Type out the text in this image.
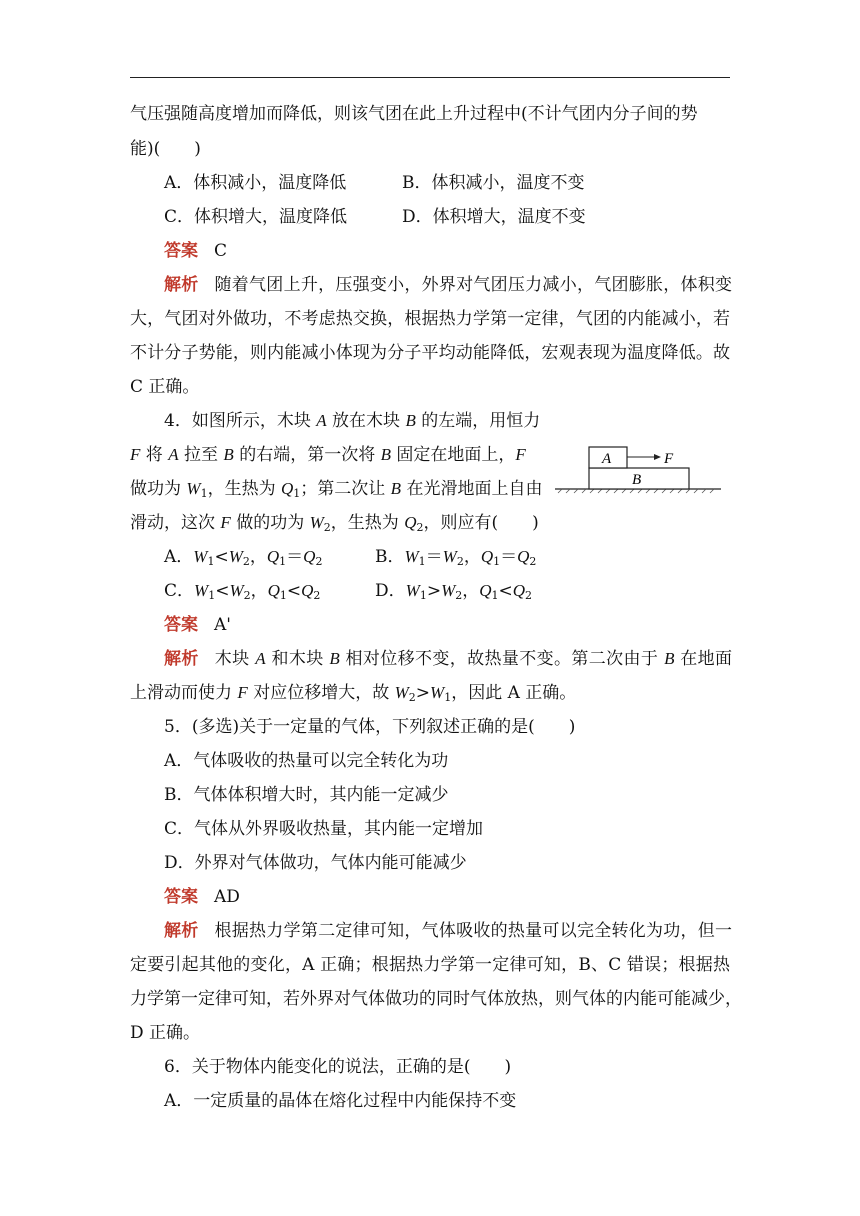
气压强随高度增加而降低，则该气团在此上升过程中(不计气团内分子间的势
能)(　　)
A．体积减小，温度降低	B．体积减小，温度不变
C．体积增大，温度降低	D．体积增大，温度不变
答案 C
解析 随着气团上升，压强变小，外界对气团压力减小，气团膨胀，体积变
大，气团对外做功，不考虑热交换，根据热力学第一定律，气团的内能减小，若
不计分子势能，则内能减小体现为分子平均动能降低，宏观表现为温度降低。故
C 正确。
4．如图所示，木块 A 放在木块 B 的左端，用恒力
F 将 A 拉至 B 的右端，第一次将 B 固定在地面上，F
做功为 $W_1$，生热为 $Q_1$；第二次让 B 在光滑地面上自由
滑动，这次 F 做的功为 $W_2$，生热为 $Q_2$，则应有(　　)
A
B
F
A．$W_1<W_2$，$Q_1=Q_2$	B．$W_1=W_2$，$Q_1=Q_2$
C．$W_1<W_2$，$Q_1<Q_2$	D．$W_1>W_2$，$Q_1<Q_2$
答案 A'
解析 木块 A 和木块 B 相对位移不变，故热量不变。第二次由于 B 在地面
上滑动而使力 F 对应位移增大，故 $W_2>W_1$，因此 A 正确。
5．(多选)关于一定量的气体，下列叙述正确的是(　　)
A．气体吸收的热量可以完全转化为功
B．气体体积增大时，其内能一定减少
C．气体从外界吸收热量，其内能一定增加
D．外界对气体做功，气体内能可能减少
答案 AD
解析 根据热力学第二定律可知，气体吸收的热量可以完全转化为功，但一
定要引起其他的变化，A 正确；根据热力学第一定律可知，B、C 错误；根据热
力学第一定律可知，若外界对气体做功的同时气体放热，则气体的内能可能减少，
D 正确。
6．关于物体内能变化的说法，正确的是(　　)
A．一定质量的晶体在熔化过程中内能保持不变
